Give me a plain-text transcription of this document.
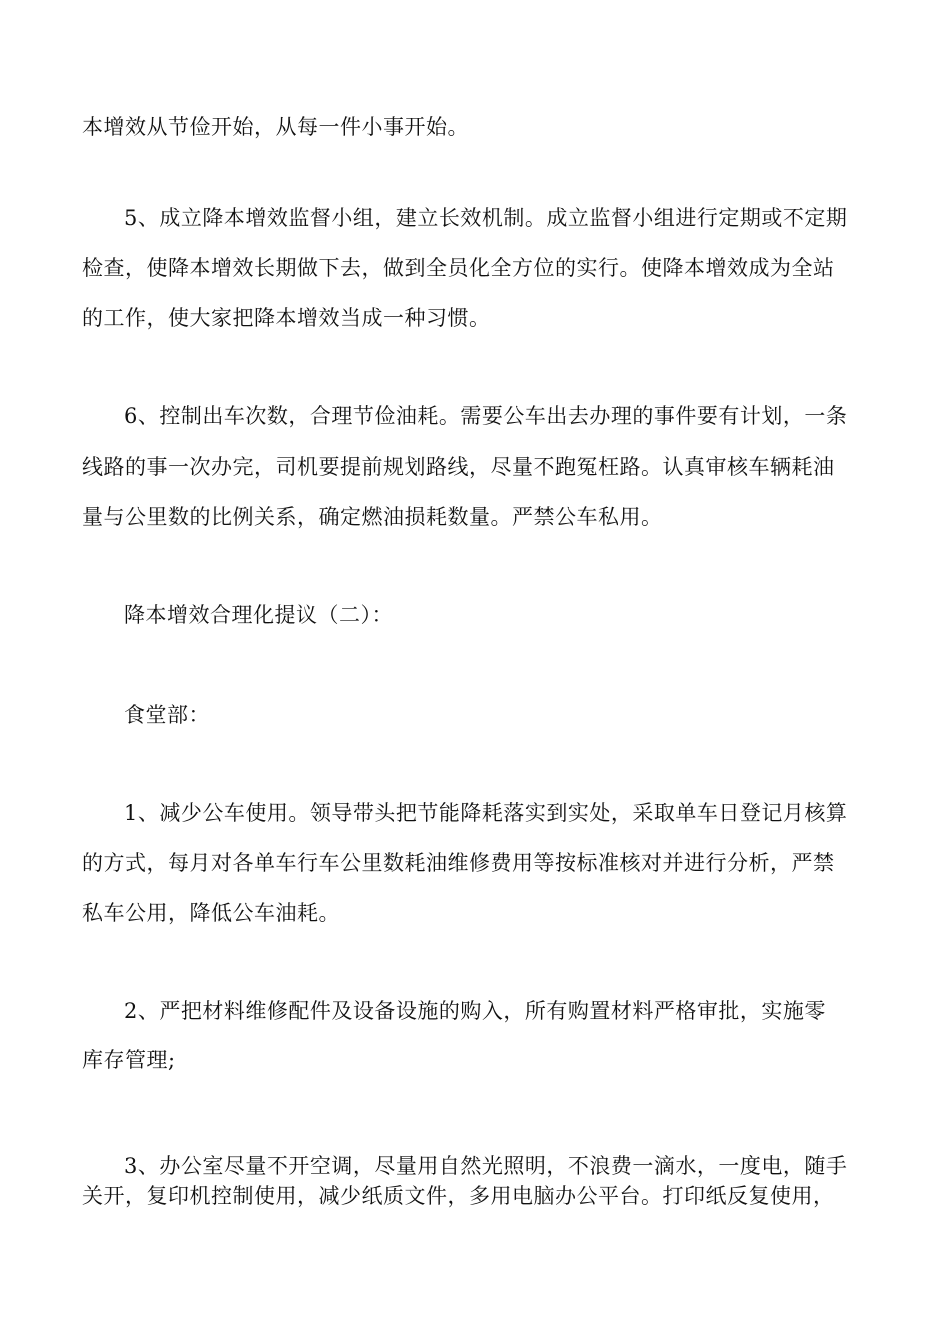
本增效从节俭开始，从每一件小事开始。
5、成立降本增效监督小组，建立长效机制。成立监督小组进行定期或不定期
检查，使降本增效长期做下去，做到全员化全方位的实行。使降本增效成为全站
的工作，使大家把降本增效当成一种习惯。
6、控制出车次数，合理节俭油耗。需要公车出去办理的事件要有计划，一条
线路的事一次办完，司机要提前规划路线，尽量不跑冤枉路。认真审核车辆耗油
量与公里数的比例关系，确定燃油损耗数量。严禁公车私用。
降本增效合理化提议（二）：
食堂部：
1、减少公车使用。领导带头把节能降耗落实到实处，采取单车日登记月核算
的方式，每月对各单车行车公里数耗油维修费用等按标准核对并进行分析，严禁
私车公用，降低公车油耗。
2、严把材料维修配件及设备设施的购入，所有购置材料严格审批，实施零
库存管理;
3、办公室尽量不开空调，尽量用自然光照明，不浪费一滴水，一度电，随手
关开，复印机控制使用，减少纸质文件，多用电脑办公平台。打印纸反复使用，
